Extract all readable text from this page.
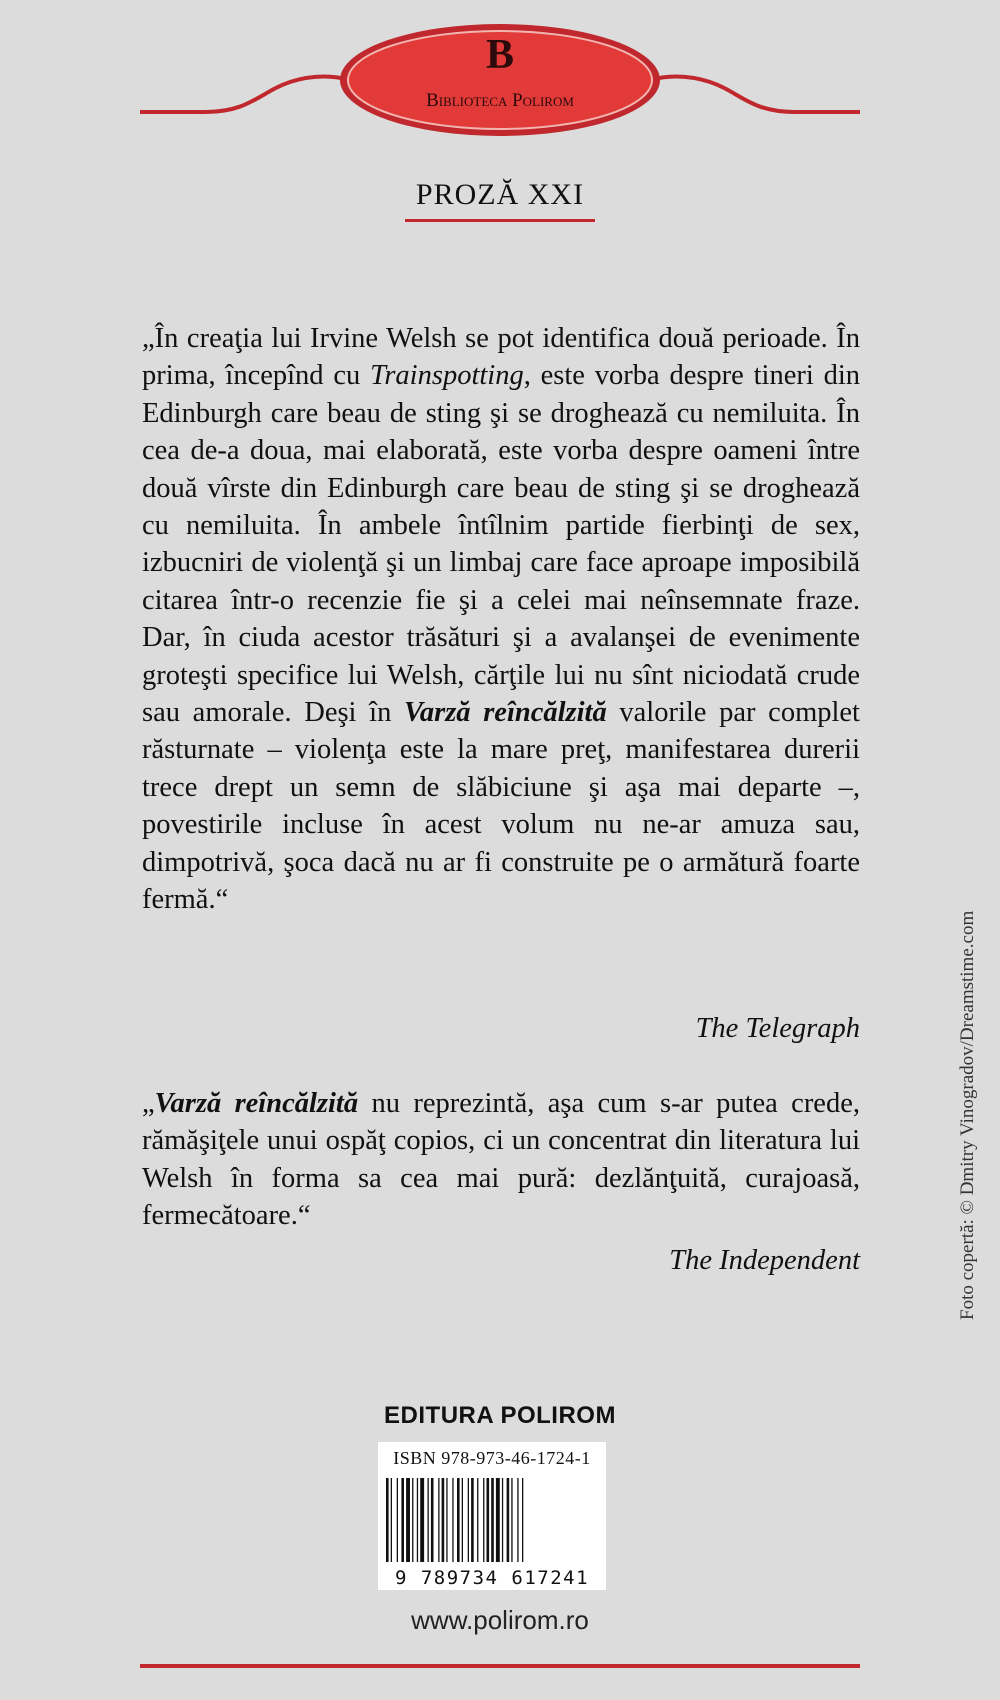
B
Biblioteca Polirom
PROZĂ XXI
„În creaţia lui Irvine Welsh se pot identifica două perioade. În prima, începînd cu Trainspotting, este vorba despre tineri din Edinburgh care beau de sting şi se droghează cu nemiluita. În cea de-a doua, mai elaborată, este vorba despre oameni între două vîrste din Edinburgh care beau de sting şi se droghează cu nemiluita. În ambele întîlnim partide fierbinţi de sex, izbucniri de violenţă şi un limbaj care face aproape imposibilă citarea într-o recenzie fie şi a celei mai neînsemnate fraze. Dar, în ciuda acestor trăsături şi a avalanşei de evenimente groteşti specifice lui Welsh, cărţile lui nu sînt niciodată crude sau amorale. Deşi în Varză reîncălzită valorile par complet răsturnate – violenţa este la mare preţ, manifestarea durerii trece drept un semn de slăbiciune şi aşa mai departe –, povestirile incluse în acest volum nu ne-ar amuza sau, dimpotrivă, şoca dacă nu ar fi construite pe o armătură foarte fermă.“
The Telegraph
„Varză reîncălzită nu reprezintă, aşa cum s-ar putea crede, rămăşiţele unui ospăţ copios, ci un concentrat din literatura lui Welsh în forma sa cea mai pură: dezlănţuită, curajoasă, fermecătoare.“
The Independent
EDITURA POLIROM
ISBN 978-973-46-1724-1
9 789734 617241
www.polirom.ro
Foto copertă: © Dmitry Vinogradov/Dreamstime.com
